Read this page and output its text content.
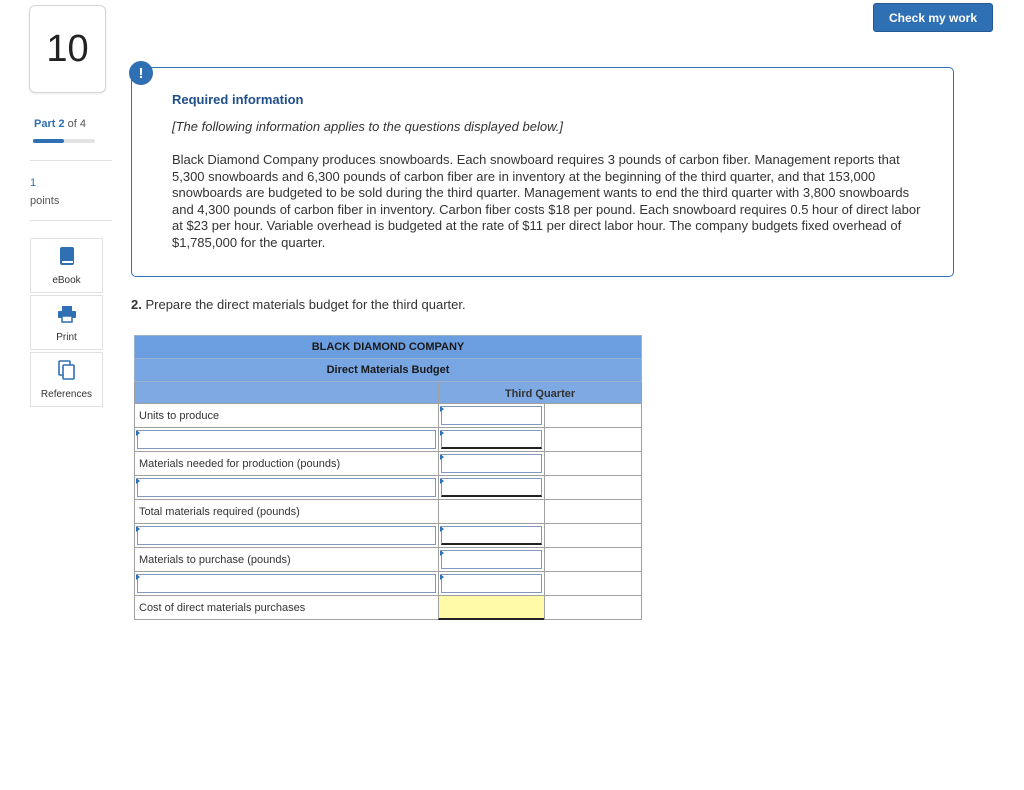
10
Part 2 of 4
1
points
eBook
Print
References
Check my work
!
Required information
[The following information applies to the questions displayed below.]
Black Diamond Company produces snowboards. Each snowboard requires 3 pounds of carbon fiber. Management reports that 5,300 snowboards and 6,300 pounds of carbon fiber are in inventory at the beginning of the third quarter, and that 153,000 snowboards are budgeted to be sold during the third quarter. Management wants to end the third quarter with 3,800 snowboards and 4,300 pounds of carbon fiber in inventory. Carbon fiber costs $18 per pound. Each snowboard requires 0.5 hour of direct labor at $23 per hour. Variable overhead is budgeted at the rate of $11 per direct labor hour. The company budgets fixed overhead of $1,785,000 for the quarter.
2. Prepare the direct materials budget for the third quarter.
BLACK DIAMOND COMPANY
Direct Materials Budget
Third Quarter
Units to produce
Materials needed for production (pounds)
Total materials required (pounds)
Materials to purchase (pounds)
Cost of direct materials purchases
